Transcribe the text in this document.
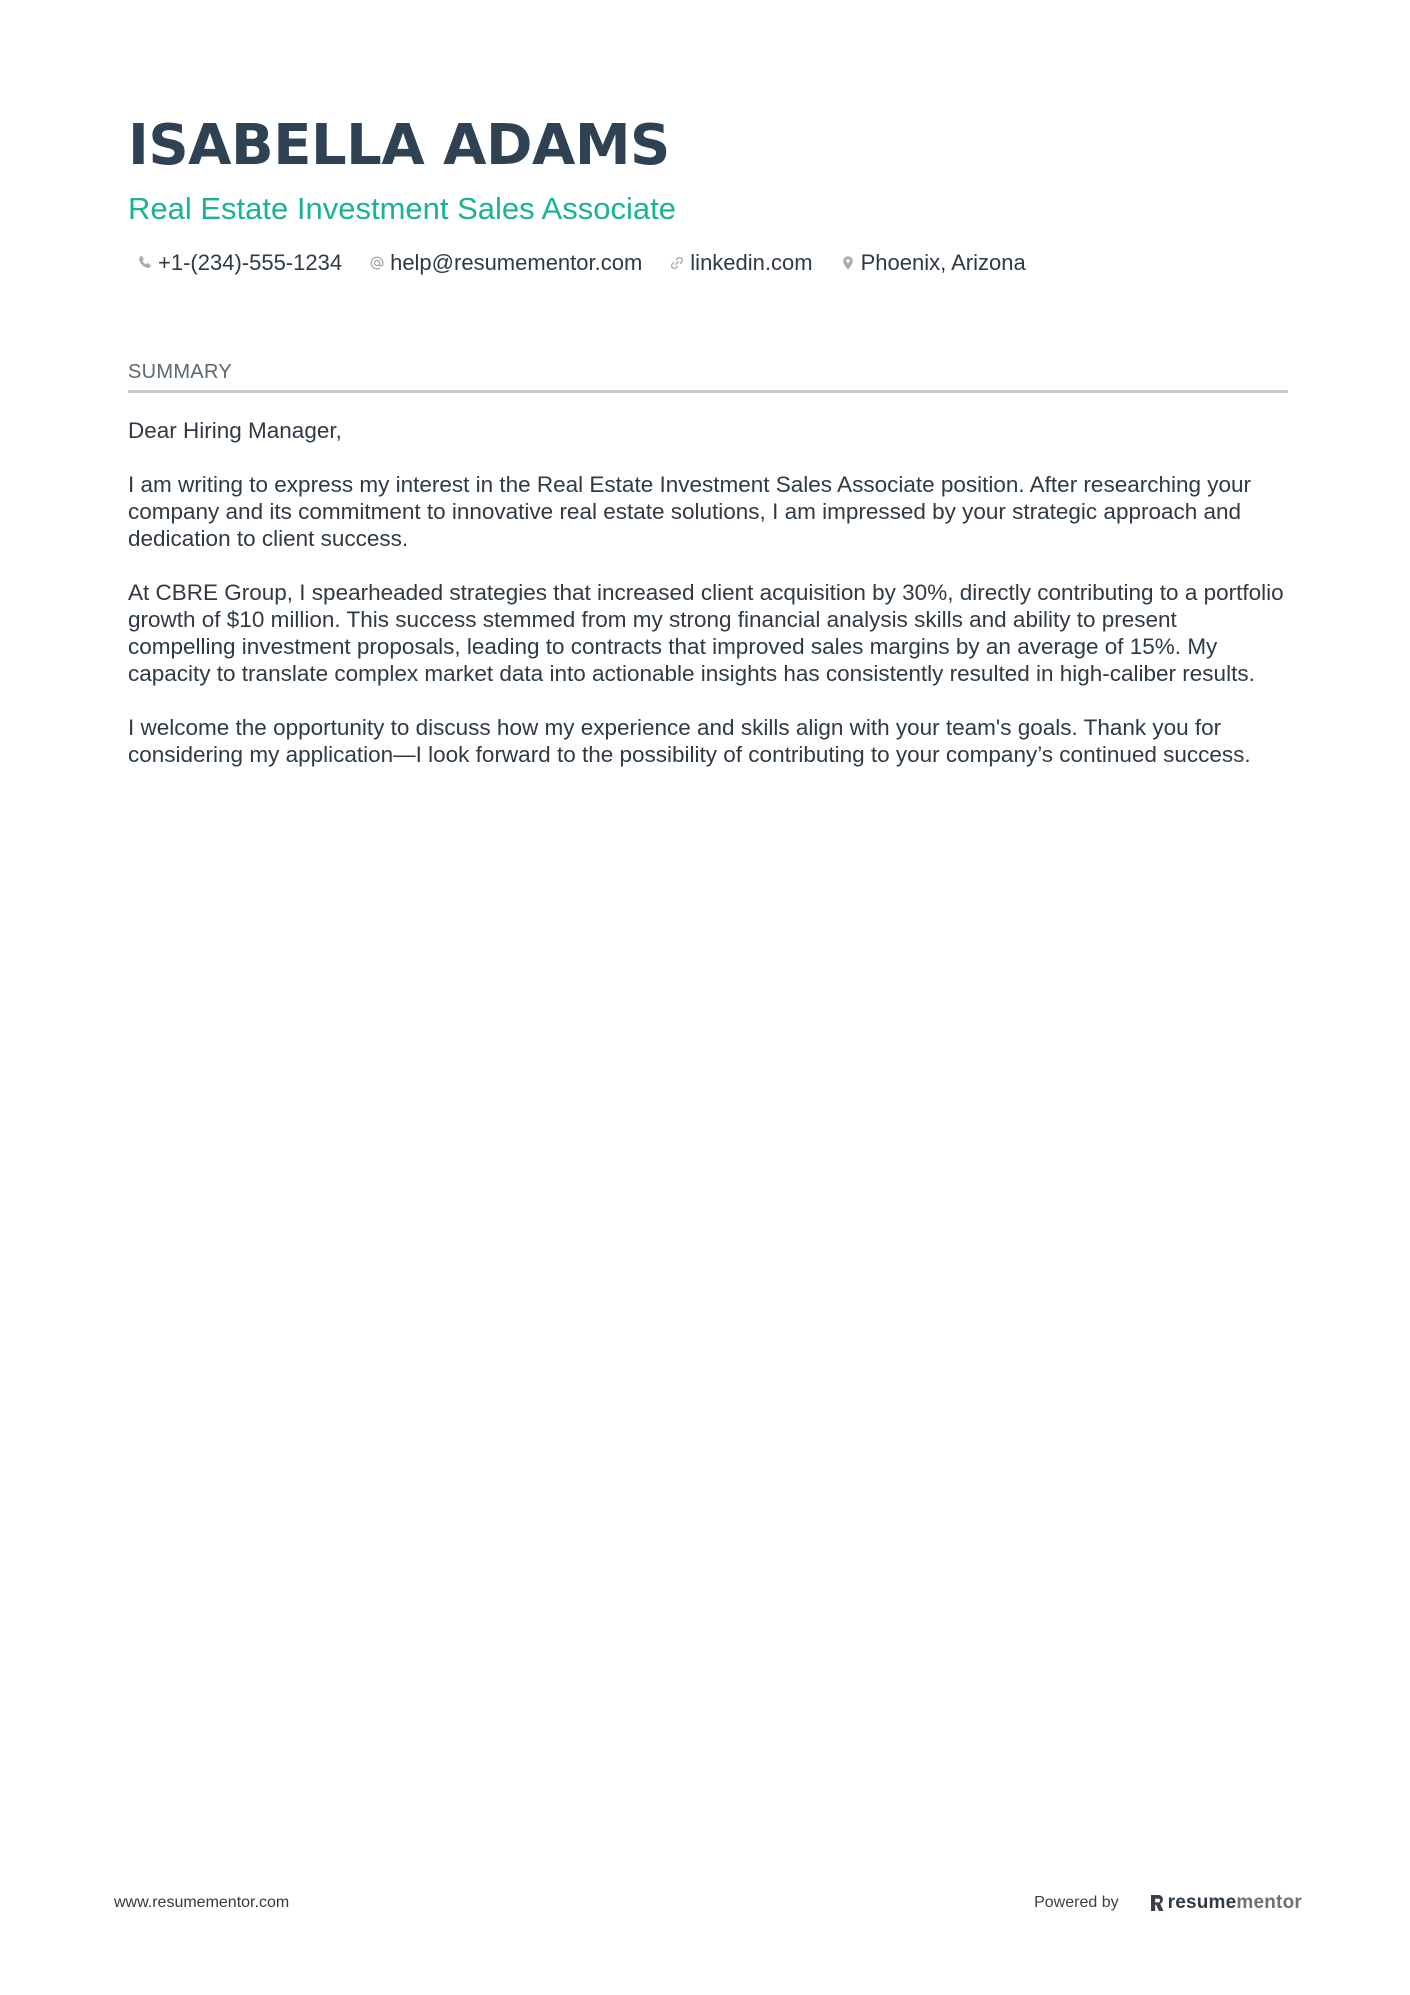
ISABELLA ADAMS
Real Estate Investment Sales Associate
+1-(234)-555-1234 help@resumementor.com linkedin.com Phoenix, Arizona
SUMMARY

Dear Hiring Manager,

I am writing to express my interest in the Real Estate Investment Sales Associate position. After researching your company and its commitment to innovative real estate solutions, I am impressed by your strategic approach and dedication to client success.

At CBRE Group, I spearheaded strategies that increased client acquisition by 30%, directly contributing to a portfolio growth of $10 million. This success stemmed from my strong financial analysis skills and ability to present compelling investment proposals, leading to contracts that improved sales margins by an average of 15%. My capacity to translate complex market data into actionable insights has consistently resulted in high-caliber results.

I welcome the opportunity to discuss how my experience and skills align with your team's goals. Thank you for considering my application—I look forward to the possibility of contributing to your company’s continued success.

www.resumementor.com	Powered by	resume mentor
